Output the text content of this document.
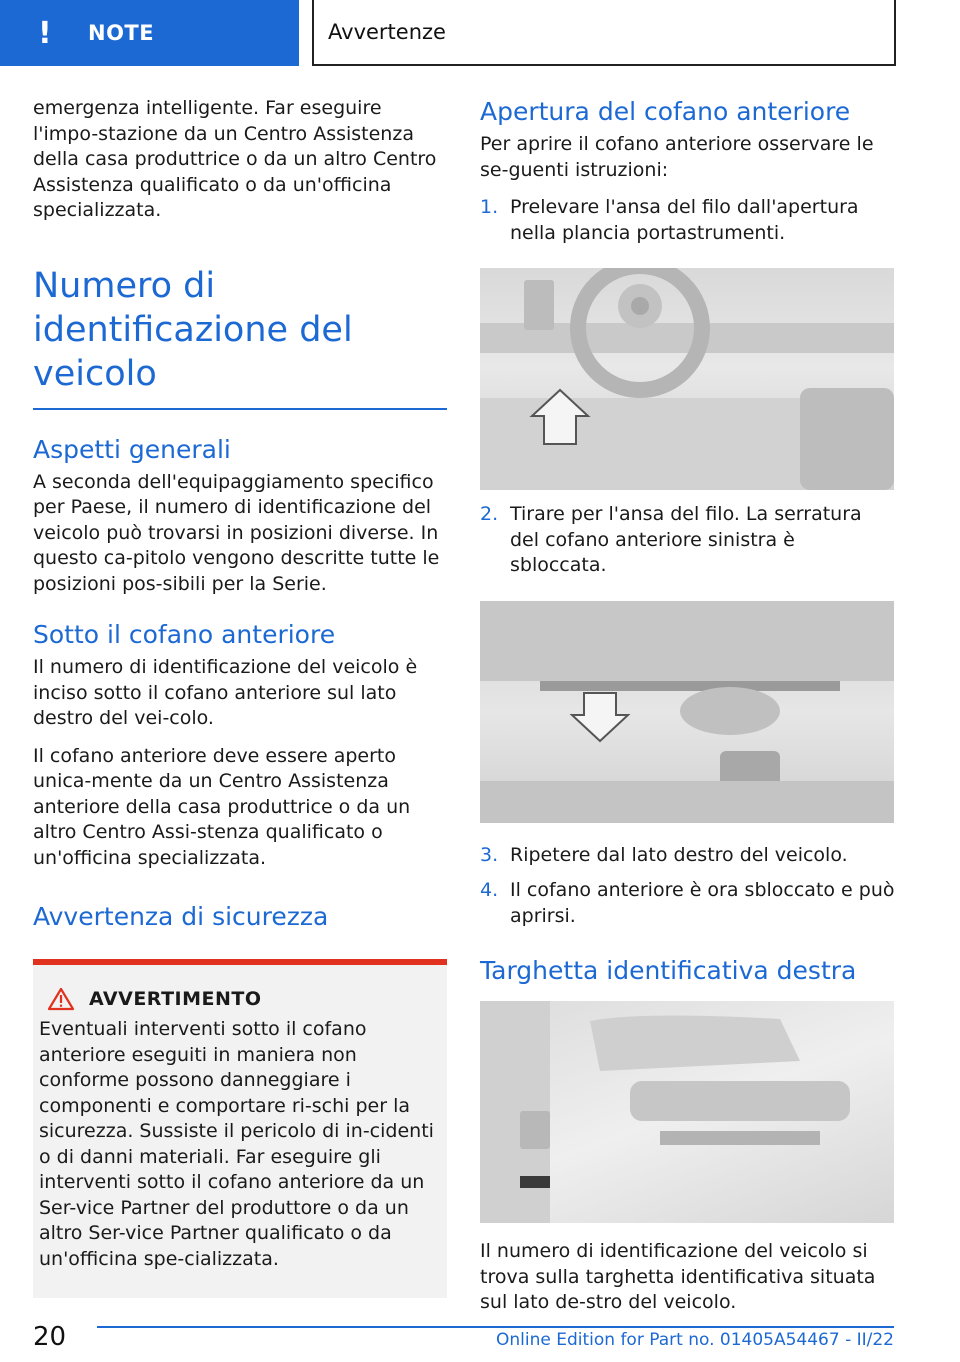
!	NOTE	Avvertenze

emergenza intelligente. Far eseguire l'impo-stazione da un Centro Assistenza della casa produttrice o da un altro Centro Assistenza qualificato o da un'officina specializzata.

Numero di identificazione del veicolo
Aspetti generali

A seconda dell'equipaggiamento specifico per Paese, il numero di identificazione del veicolo può trovarsi in posizioni diverse. In questo ca-pitolo vengono descritte tutte le posizioni pos-sibili per la Serie.

Sotto il cofano anteriore

Il numero di identificazione del veicolo è inciso sotto il cofano anteriore sul lato destro del vei-colo.

Il cofano anteriore deve essere aperto unica-mente da un Centro Assistenza anteriore della casa produttrice o da un altro Centro Assi-stenza qualificato o un'officina specializzata.

Avvertenza di sicurezza
AVVERTIMENTO

Eventuali interventi sotto il cofano anteriore eseguiti in maniera non conforme possono danneggiare i componenti e comportare ri-schi per la sicurezza. Sussiste il pericolo di in-cidenti o di danni materiali. Far eseguire gli interventi sotto il cofano anteriore da un Ser-vice Partner del produttore o da un altro Ser-vice Partner qualificato o da un'officina spe-cializzata.

Apertura del cofano anteriore

Per aprire il cofano anteriore osservare le se-guenti istruzioni:

1. Prelevare l'ansa del filo dall'apertura nella plancia portastrumenti.
2. Tirare per l'ansa del filo. La serratura del cofano anteriore sinistra è sbloccata.
3. Ripetere dal lato destro del veicolo.
4. Il cofano anteriore è ora sbloccato e può aprirsi.
Targhetta identificativa destra

Il numero di identificazione del veicolo si trova sulla targhetta identificativa situata sul lato de-stro del veicolo.

20	Online Edition for Part no. 01405A54467 - II/22
